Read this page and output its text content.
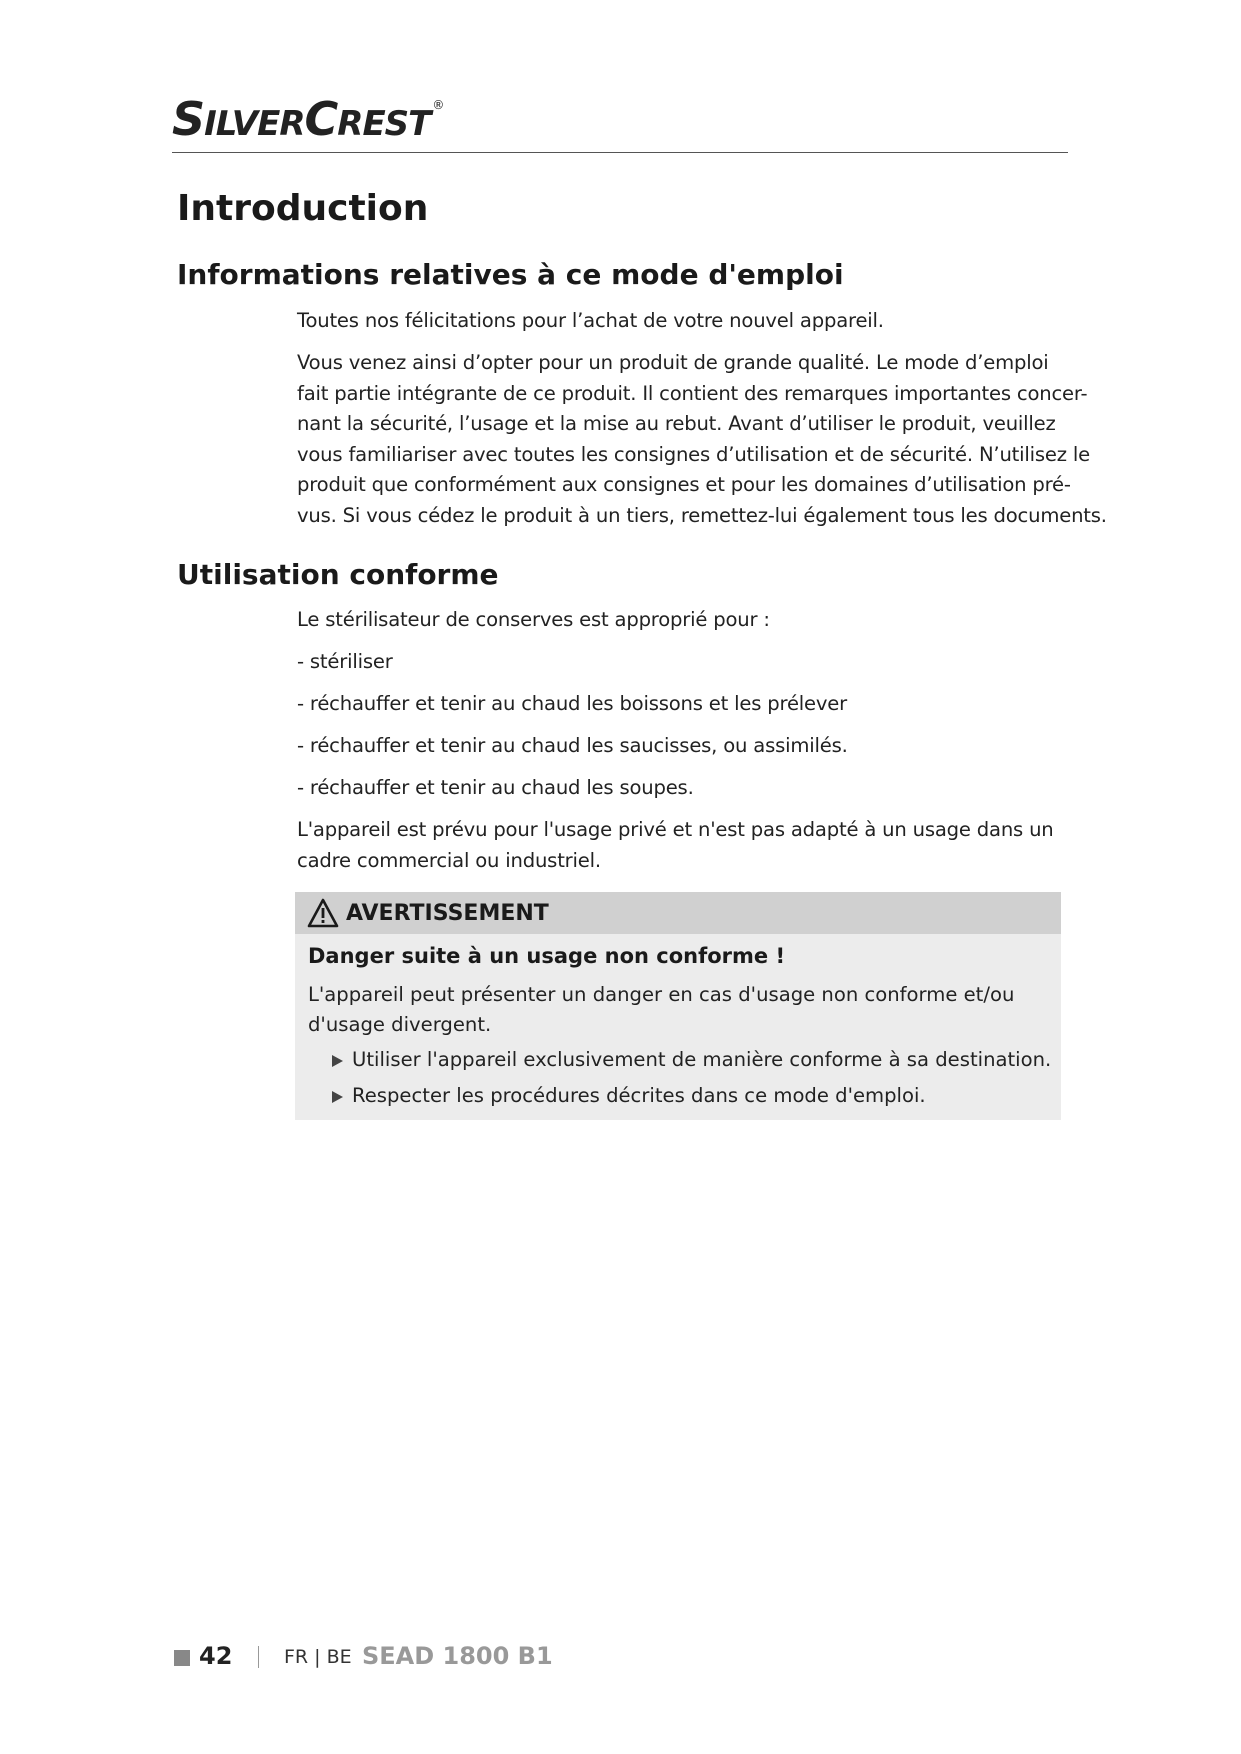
SILVERCREST ®
Introduction
Informations relatives à ce mode d'emploi

Toutes nos félicitations pour l’achat de votre nouvel appareil.

Vous venez ainsi d’opter pour un produit de grande qualité. Le mode d’emploi
fait partie intégrante de ce produit. Il contient des remarques importantes concer-
nant la sécurité, l’usage et la mise au rebut. Avant d’utiliser le produit, veuillez
vous familiariser avec toutes les consignes d’utilisation et de sécurité. N’utilisez le
produit que conformément aux consignes et pour les domaines d’utilisation pré-
vus. Si vous cédez le produit à un tiers, remettez-lui également tous les documents.

Utilisation conforme

Le stérilisateur de conserves est approprié pour :

- stériliser

- réchauffer et tenir au chaud les boissons et les prélever

- réchauffer et tenir au chaud les saucisses, ou assimilés.

- réchauffer et tenir au chaud les soupes.

L'appareil est prévu pour l'usage privé et n'est pas adapté à un usage dans un
cadre commercial ou industriel.

AVERTISSEMENT
Danger suite à un usage non conforme !
L'appareil peut présenter un danger en cas d'usage non conforme et/ou
d'usage divergent.
Utiliser l'appareil exclusivement de manière conforme à sa destination.
Respecter les procédures décrites dans ce mode d'emploi.
42	FR | BE SEAD 1800 B1
